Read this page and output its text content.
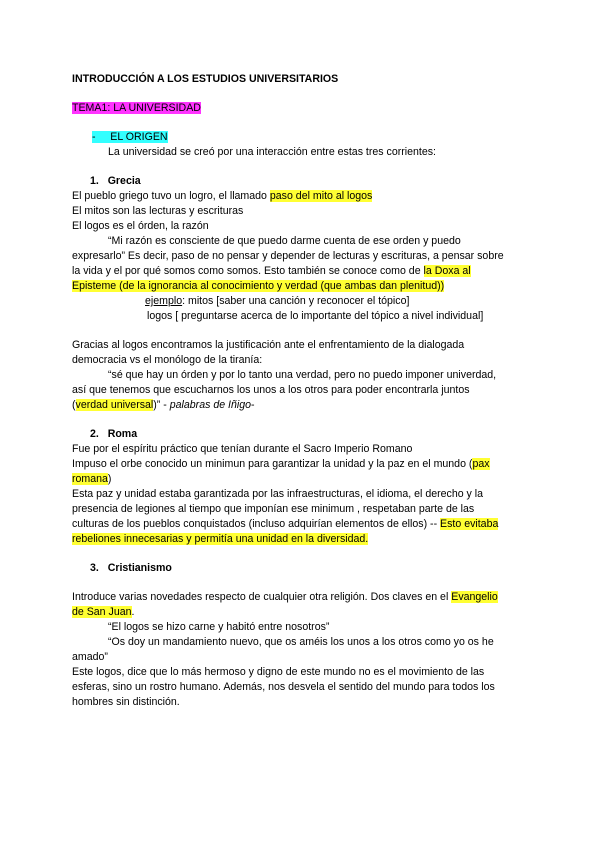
INTRODUCCIÓN A LOS ESTUDIOS UNIVERSITARIOS
TEMA1: LA UNIVERSIDAD
- EL ORIGEN
La universidad se creó por una interacción entre estas tres corrientes:
1. Grecia
El pueblo griego tuvo un logro, el llamado paso del mito al logos
El mitos son las lecturas y escrituras
El logos es el órden, la razón
“Mi razón es consciente de que puedo darme cuenta de ese orden y puedo
expresarlo” Es decir, paso de no pensar y depender de lecturas y escrituras, a pensar sobre
la vida y el por qué somos como somos. Esto también se conoce como de la Doxa al
Episteme (de la ignorancia al conocimiento y verdad (que ambas dan plenitud))
ejemplo: mitos [saber una canción y reconocer el tópico]
logos [ preguntarse acerca de lo importante del tópico a nivel individual]
Gracias al logos encontramos la justificación ante el enfrentamiento de la dialogada
democracia vs el monólogo de la tiranía:
“sé que hay un órden y por lo tanto una verdad, pero no puedo imponer univerdad,
así que tenemos que escucharnos los unos a los otros para poder encontrarla juntos
(verdad universal)” - palabras de Iñigo-
2. Roma
Fue por el espíritu práctico que tenían durante el Sacro Imperio Romano
Impuso el orbe conocido un minimun para garantizar la unidad y la paz en el mundo (pax
romana)
Esta paz y unidad estaba garantizada por las infraestructuras, el idioma, el derecho y la
presencia de legiones al tiempo que imponían ese minimum , respetaban parte de las
culturas de los pueblos conquistados (incluso adquirían elementos de ellos) -- Esto evitaba
rebeliones innecesarias y permitía una unidad en la diversidad.
3. Cristianismo
Introduce varias novedades respecto de cualquier otra religión. Dos claves en el Evangelio
de San Juan.
“El logos se hizo carne y habitó entre nosotros”
“Os doy un mandamiento nuevo, que os améis los unos a los otros como yo os he
amado”
Este logos, dice que lo más hermoso y digno de este mundo no es el movimiento de las
esferas, sino un rostro humano. Además, nos desvela el sentido del mundo para todos los
hombres sin distinción.
